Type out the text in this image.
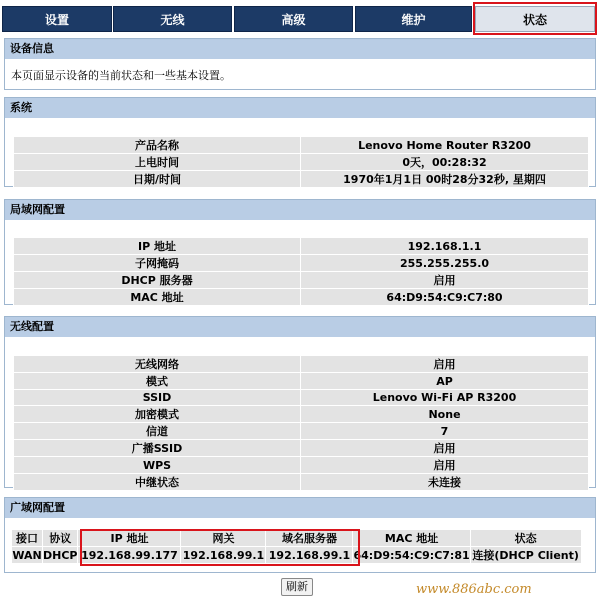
设置	无线	高级	维护	状态
设备信息
本页面显示设备的当前状态和一些基本设置。
系统
产品名称	Lenovo Home Router R3200
上电时间	0天，00:28:32
日期/时间	1970年1月1日 00时28分32秒, 星期四
局域网配置
IP 地址	192.168.1.1
子网掩码	255.255.255.0
DHCP 服务器	启用
MAC 地址	64:D9:54:C9:C7:80
无线配置
无线网络	启用
模式	AP
SSID	Lenovo Wi-Fi AP R3200
加密模式	None
信道	7
广播SSID	启用
WPS	启用
中继状态	未连接
广域网配置
接口	协议	IP 地址	网关	域名服务器	MAC 地址	状态
WAN	DHCP	192.168.99.177	192.168.99.1	192.168.99.1	64:D9:54:C9:C7:81	连接(DHCP Client)
刷新	www.886abc.com
